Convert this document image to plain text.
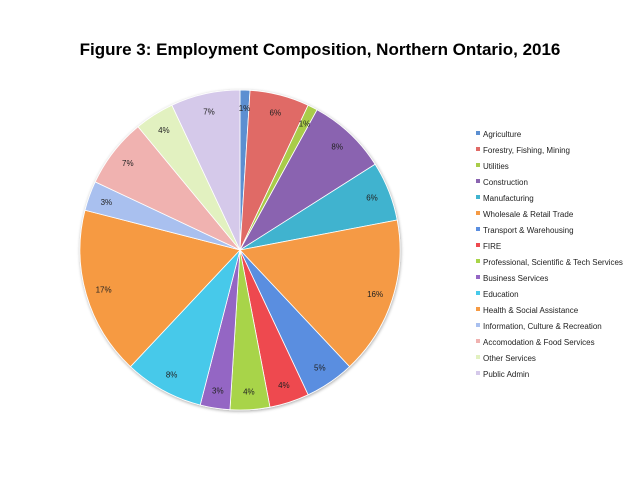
Figure 3: Employment Composition, Northern Ontario, 2016
1% 6%
1%
8%
6%
16%
5%
4%
4%
3%
8%
17%
3%
7%
4%
7%
Agriculture
Forestry, Fishing, Mining
Utilities
Construction
Manufacturing
Wholesale & Retail Trade
Transport & Warehousing
FIRE
Professional, Scientific & Tech Services
Business Services
Education
Health & Social Assistance
Information, Culture & Recreation
Accomodation & Food Services
Other Services
Public Admin
